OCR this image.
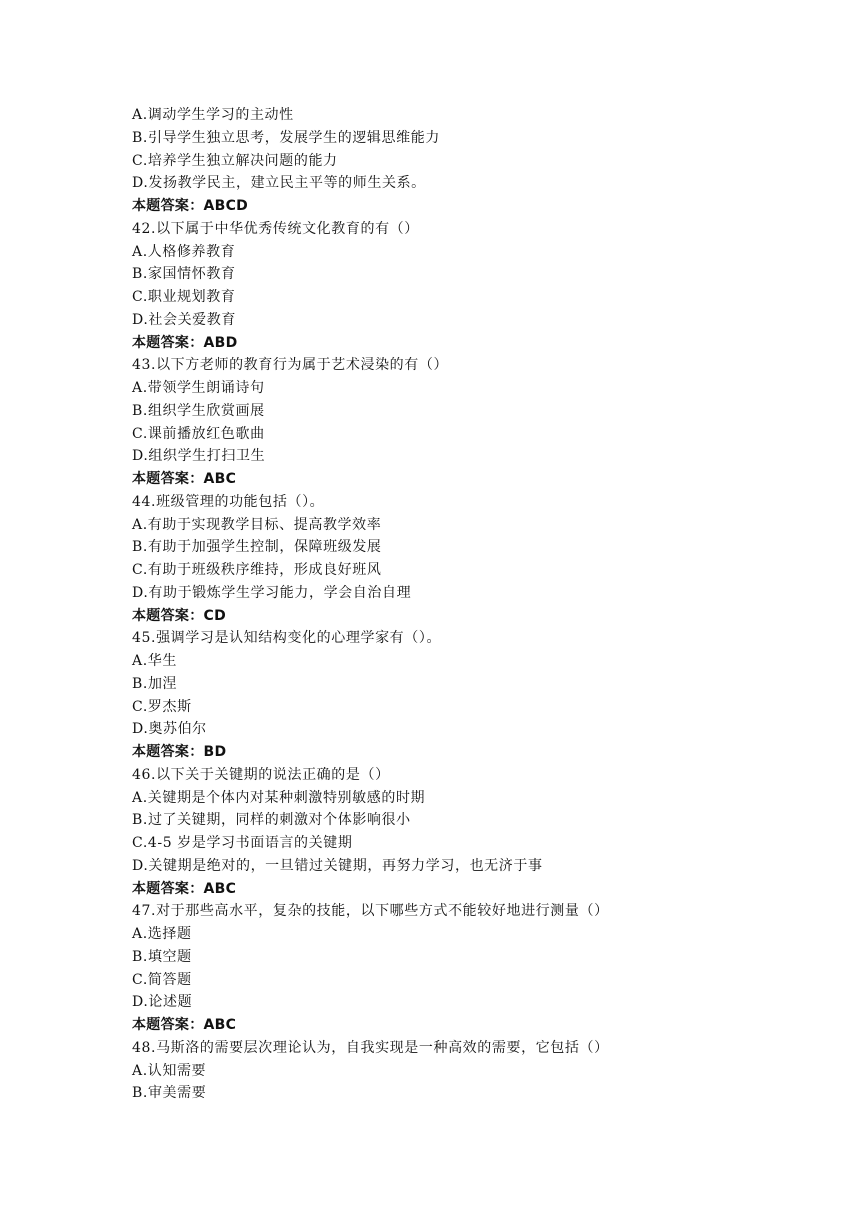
A.调动学生学习的主动性
B.引导学生独立思考，发展学生的逻辑思维能力
C.培养学生独立解决问题的能力
D.发扬教学民主，建立民主平等的师生关系。
本题答案：ABCD
42.以下属于中华优秀传统文化教育的有（）
A.人格修养教育
B.家国情怀教育
C.职业规划教育
D.社会关爱教育
本题答案：ABD
43.以下方老师的教育行为属于艺术浸染的有（）
A.带领学生朗诵诗句
B.组织学生欣赏画展
C.课前播放红色歌曲
D.组织学生打扫卫生
本题答案：ABC
44.班级管理的功能包括（）。
A.有助于实现教学目标、提高教学效率
B.有助于加强学生控制，保障班级发展
C.有助于班级秩序维持，形成良好班风
D.有助于锻炼学生学习能力，学会自治自理
本题答案：CD
45.强调学习是认知结构变化的心理学家有（）。
A.华生
B.加涅
C.罗杰斯
D.奥苏伯尔
本题答案：BD
46.以下关于关键期的说法正确的是（）
A.关键期是个体内对某种刺激特别敏感的时期
B.过了关键期，同样的刺激对个体影响很小
C.4-5 岁是学习书面语言的关键期
D.关键期是绝对的，一旦错过关键期，再努力学习，也无济于事
本题答案：ABC
47.对于那些高水平，复杂的技能，以下哪些方式不能较好地进行测量（）
A.选择题
B.填空题
C.简答题
D.论述题
本题答案：ABC
48.马斯洛的需要层次理论认为，自我实现是一种高效的需要，它包括（）
A.认知需要
B.审美需要
